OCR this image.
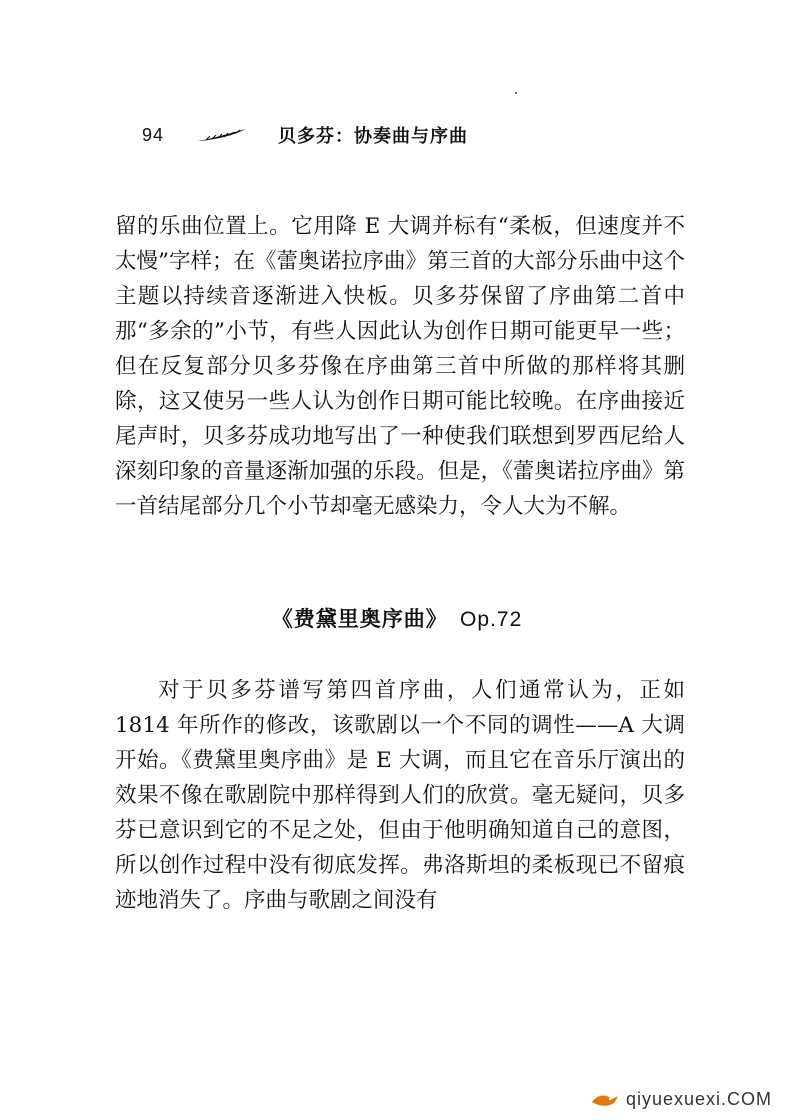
94	贝多芬：协奏曲与序曲
留的乐曲位置上。它用降 E 大调并标有“柔板，但速度并不太慢”字样；在《蕾奥诺拉序曲》第三首的大部分乐曲中这个主题以持续音逐渐进入快板。贝多芬保留了序曲第二首中那“多余的”小节，有些人因此认为创作日期可能更早一些；但在反复部分贝多芬像在序曲第三首中所做的那样将其删除，这又使另一些人认为创作日期可能比较晚。在序曲接近尾声时，贝多芬成功地写出了一种使我们联想到罗西尼给人深刻印象的音量逐渐加强的乐段。但是，《蕾奥诺拉序曲》第一首结尾部分几个小节却毫无感染力，令人大为不解。
《费黛里奥序曲》 Op.72
对于贝多芬谱写第四首序曲，人们通常认为，正如 1814 年所作的修改，该歌剧以一个不同的调性——A 大调开始。《费黛里奥序曲》是 E 大调，而且它在音乐厅演出的效果不像在歌剧院中那样得到人们的欣赏。毫无疑问，贝多芬已意识到它的不足之处，但由于他明确知道自己的意图，所以创作过程中没有彻底发挥。弗洛斯坦的柔板现已不留痕迹地消失了。序曲与歌剧之间没有
qiyuexuexi.COM
